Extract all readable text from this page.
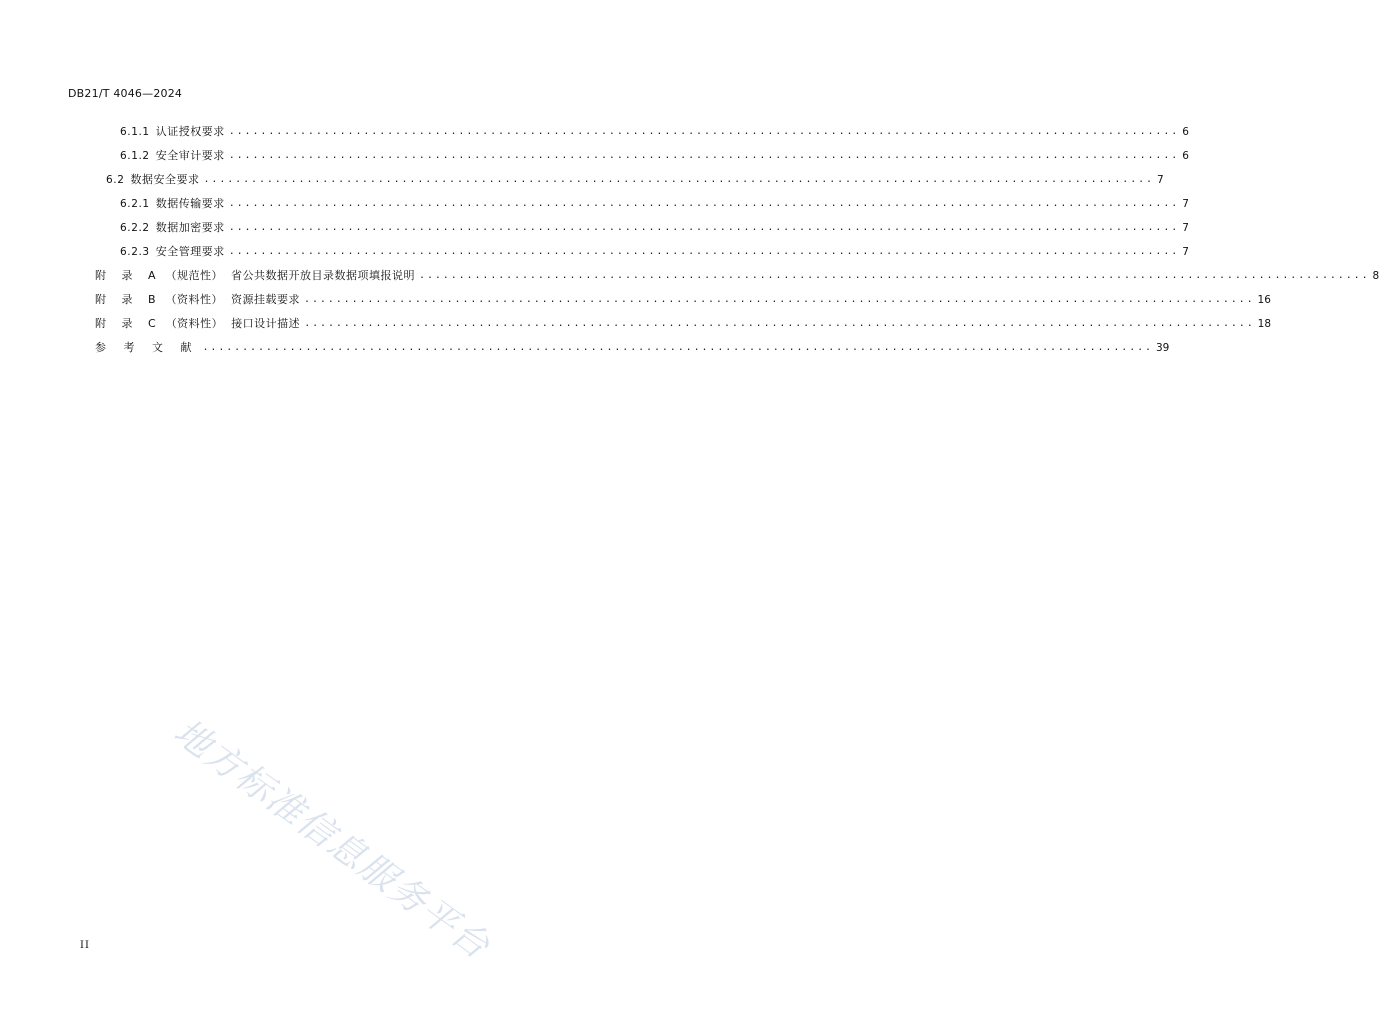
DB21/T 4046—2024
6.1.1 认证授权要求 ........................................................................................................................ 6
6.1.2 安全审计要求 ........................................................................................................................ 6
6.2 数据安全要求 ........................................................................................................................ 7
6.2.1 数据传输要求 ........................................................................................................................ 7
6.2.2 数据加密要求 ........................................................................................................................ 7
6.2.3 安全管理要求 ........................................................................................................................ 7
附 录 A （规范性） 省公共数据开放目录数据项填报说明 ........................................................................................................................ 8
附 录 B （资料性） 资源挂载要求 ........................................................................................................................ 16
附 录 C （资料性） 接口设计描述 ........................................................................................................................ 18
参 考 文 献 ........................................................................................................................ 39
地方标准信息服务平台
II
